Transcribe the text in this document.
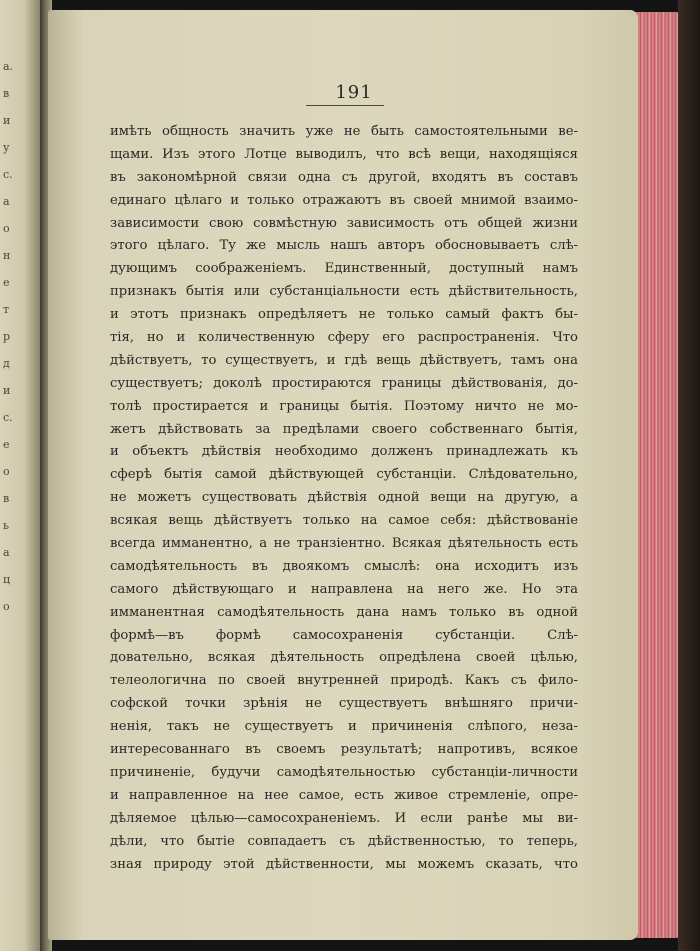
а.
в
и
у
с.
а
о
н
е
т
р
д
и
с.
е
о
в
ь
а
ц
о
191
имѣть общность значить уже не быть самостоятельными ве-
щами. Изъ этого Лотце выводилъ, что всѣ вещи, находящіяся
въ закономѣрной связи одна съ другой, входятъ въ составъ
единаго цѣлаго и только отражаютъ въ своей мнимой взаимо-
зависимости свою совмѣстную зависимость отъ общей жизни
этого цѣлаго. Ту же мысль нашъ авторъ обосновываетъ слѣ-
дующимъ соображеніемъ. Единственный, доступный намъ
признакъ бытія или субстанціальности есть дѣйствительность,
и этотъ признакъ опредѣляетъ не только самый фактъ бы-
тія, но и количественную сферу его распространенія. Что
дѣйствуетъ, то существуетъ, и гдѣ вещь дѣйствуетъ, тамъ она
существуетъ; доколѣ простираются границы дѣйствованія, до-
толѣ простирается и границы бытія. Поэтому ничто не мо-
жетъ дѣйствовать за предѣлами своего собственнаго бытія,
и объектъ дѣйствія необходимо долженъ принадлежать къ
сферѣ бытія самой дѣйствующей субстанціи. Слѣдовательно,
не можетъ существовать дѣйствія одной вещи на другую, а
всякая вещь дѣйствуетъ только на самое себя: дѣйствованіе
всегда имманентно, а не транзіентно. Всякая дѣятельность есть
самодѣятельность въ двоякомъ смыслѣ: она исходитъ изъ
самого дѣйствующаго и направлена на него же. Но эта
имманентная самодѣятельность дана намъ только въ одной
формѣ—въ формѣ самосохраненія субстанціи. Слѣ-
довательно, всякая дѣятельность опредѣлена своей цѣлью,
телеологична по своей внутренней природѣ. Какъ съ фило-
софской точки зрѣнія не существуетъ внѣшняго причи-
ненія, такъ не существуетъ и причиненія слѣпого, неза-
интересованнаго въ своемъ результатѣ; напротивъ, всякое
причиненіе, будучи самодѣятельностью субстанціи-личности
и направленное на нее самое, есть живое стремленіе, опре-
дѣляемое цѣлью—самосохраненіемъ. И если ранѣе мы ви-
дѣли, что бытіе совпадаетъ съ дѣйственностью, то теперь,
зная природу этой дѣйственности, мы можемъ сказать, что
